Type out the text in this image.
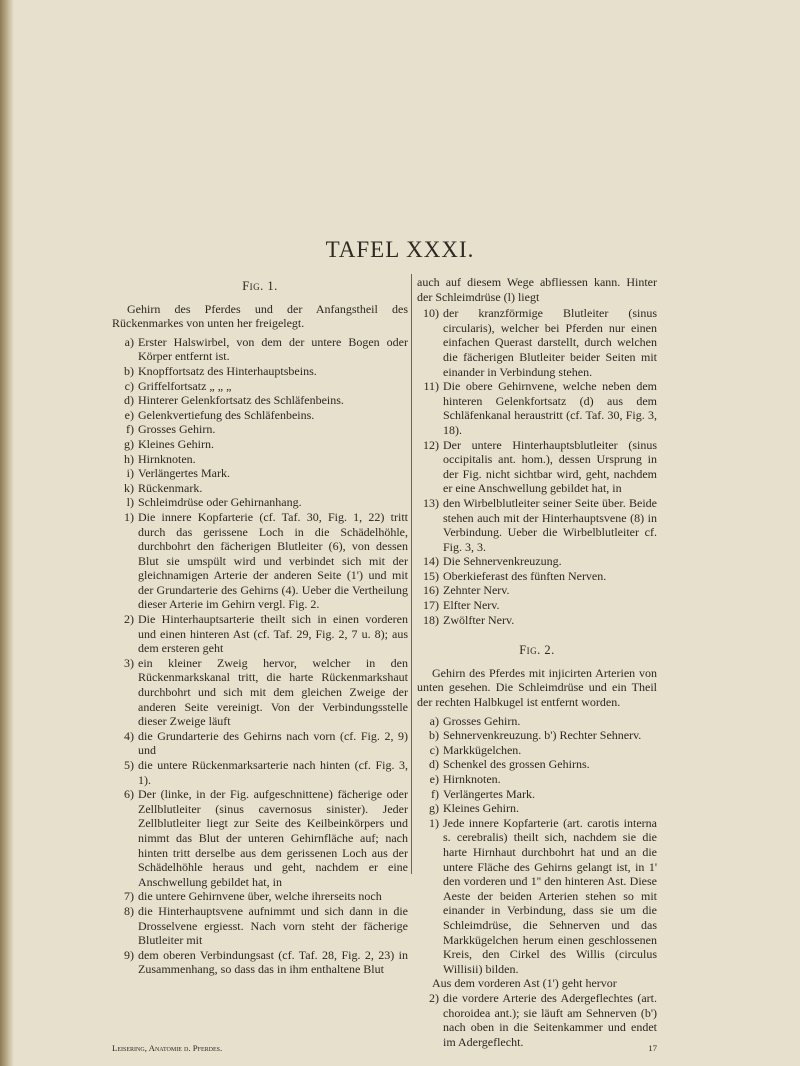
TAFEL XXXI.
Fig. 1.

Gehirn des Pferdes und der Anfangstheil des Rückenmarkes von unten her freigelegt.

a) Erster Halswirbel, von dem der untere Bogen oder Körper entfernt ist.
b) Knopffortsatz des Hinterhauptsbeins.
c) Griffelfortsatz „ „ „
d) Hinterer Gelenkfortsatz des Schläfenbeins.
e) Gelenkvertiefung des Schläfenbeins.
f) Grosses Gehirn.
g) Kleines Gehirn.
h) Hirnknoten.
i) Verlängertes Mark.
k) Rückenmark.
l) Schleimdrüse oder Gehirnanhang.
1) Die innere Kopfarterie (cf. Taf. 30, Fig. 1, 22) tritt durch das gerissene Loch in die Schädelhöhle, durchbohrt den fächerigen Blutleiter (6), von dessen Blut sie umspült wird und verbindet sich mit der gleichnamigen Arterie der anderen Seite (1') und mit der Grundarterie des Gehirns (4). Ueber die Vertheilung dieser Arterie im Gehirn vergl. Fig. 2.
2) Die Hinterhauptsarterie theilt sich in einen vorderen und einen hinteren Ast (cf. Taf. 29, Fig. 2, 7 u. 8); aus dem ersteren geht
3) ein kleiner Zweig hervor, welcher in den Rückenmarkskanal tritt, die harte Rückenmarkshaut durchbohrt und sich mit dem gleichen Zweige der anderen Seite vereinigt. Von der Verbindungsstelle dieser Zweige läuft
4) die Grundarterie des Gehirns nach vorn (cf. Fig. 2, 9) und
5) die untere Rückenmarksarterie nach hinten (cf. Fig. 3, 1).
6) Der (linke, in der Fig. aufgeschnittene) fächerige oder Zellblutleiter (sinus cavernosus sinister). Jeder Zellblutleiter liegt zur Seite des Keilbeinkörpers und nimmt das Blut der unteren Gehirnfläche auf; nach hinten tritt derselbe aus dem gerissenen Loch aus der Schädelhöhle heraus und geht, nachdem er eine Anschwellung gebildet hat, in
7) die untere Gehirnvene über, welche ihrerseits noch
8) die Hinterhauptsvene aufnimmt und sich dann in die Drosselvene ergiesst. Nach vorn steht der fächerige Blutleiter mit
9) dem oberen Verbindungsast (cf. Taf. 28, Fig. 2, 23) in Zusammenhang, so dass das in ihm enthaltene Blut

auch auf diesem Wege abfliessen kann. Hinter der Schleimdrüse (l) liegt

10) der kranzförmige Blutleiter (sinus circularis), welcher bei Pferden nur einen einfachen Querast darstellt, durch welchen die fächerigen Blutleiter beider Seiten mit einander in Verbindung stehen.
11) Die obere Gehirnvene, welche neben dem hinteren Gelenkfortsatz (d) aus dem Schläfenkanal heraustritt (cf. Taf. 30, Fig. 3, 18).
12) Der untere Hinterhauptsblutleiter (sinus occipitalis ant. hom.), dessen Ursprung in der Fig. nicht sichtbar wird, geht, nachdem er eine Anschwellung gebildet hat, in
13) den Wirbelblutleiter seiner Seite über. Beide stehen auch mit der Hinterhauptsvene (8) in Verbindung. Ueber die Wirbelblutleiter cf. Fig. 3, 3.
14) Die Sehnervenkreuzung.
15) Oberkieferast des fünften Nerven.
16) Zehnter Nerv.
17) Elfter Nerv.
18) Zwölfter Nerv.
Fig. 2.

Gehirn des Pferdes mit injicirten Arterien von unten gesehen. Die Schleimdrüse und ein Theil der rechten Halbkugel ist entfernt worden.

a) Grosses Gehirn.
b) Sehnervenkreuzung. b') Rechter Sehnerv.
c) Markkügelchen.
d) Schenkel des grossen Gehirns.
e) Hirnknoten.
f) Verlängertes Mark.
g) Kleines Gehirn.
1) Jede innere Kopfarterie (art. carotis interna s. cerebralis) theilt sich, nachdem sie die harte Hirnhaut durchbohrt hat und an die untere Fläche des Gehirns gelangt ist, in 1' den vorderen und 1'' den hinteren Ast. Diese Aeste der beiden Arterien stehen so mit einander in Verbindung, dass sie um die Schleimdrüse, die Sehnerven und das Markkügelchen herum einen geschlossenen Kreis, den Cirkel des Willis (circulus Willisii) bilden.

Aus dem vorderen Ast (1') geht hervor

2) die vordere Arterie des Adergeflechtes (art. choroidea ant.); sie läuft am Sehnerven (b') nach oben in die Seitenkammer und endet im Adergeflecht.
Leisering, Anatomie d. Pferdes.	17
